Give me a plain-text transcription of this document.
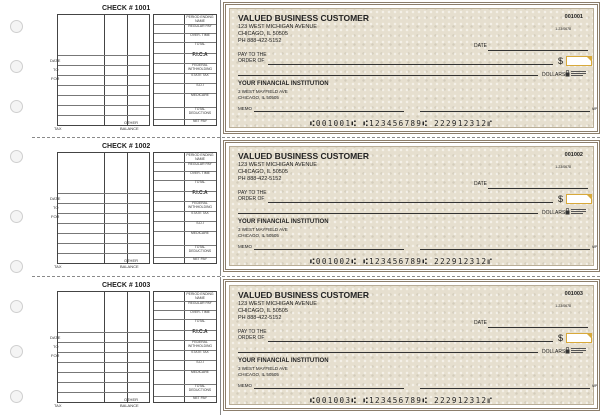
CHECK # 1001
DATE
TO
FOR
TAX
OTHER
BALANCE
PERIOD ENDING NAME
REGULAR PAY
OVER- TIME
TOTAL
F.I.C.A
FEDERAL WITHHOLDING
STATE TAX
S.D.I
MEDICARE
TOTAL DEDUCTIONS
NET PAY
VALUED BUSINESS CUSTOMER
123 WEST MICHIGAN AVENUE
CHICAGO, IL 50505
PH 888-422-5152
001001
1-23/0678
DATE
PAY TO THE
ORDER OF	$
DOLLARS
YOUR FINANCIAL INSTITUTION
3 WEST MAYFIELD AVE
CHICAGO, IL 50505
MEMO	MP
⑆001001⑆ ⑆123456789⑆ 222912312⑈
CHECK # 1002
DATE
TO
FOR
TAX
OTHER
BALANCE
PERIOD ENDING NAME
REGULAR PAY
OVER- TIME
TOTAL
F.I.C.A
FEDERAL WITHHOLDING
STATE TAX
S.D.I
MEDICARE
TOTAL DEDUCTIONS
NET PAY
VALUED BUSINESS CUSTOMER
123 WEST MICHIGAN AVENUE
CHICAGO, IL 50505
PH 888-422-5152
001002
1-23/0678
DATE
PAY TO THE
ORDER OF	$
DOLLARS
YOUR FINANCIAL INSTITUTION
3 WEST MAYFIELD AVE
CHICAGO, IL 50505
MEMO	MP
⑆001002⑆ ⑆123456789⑆ 222912312⑈
CHECK # 1003
DATE
TO
FOR
TAX
OTHER
BALANCE
PERIOD ENDING NAME
REGULAR PAY
OVER- TIME
TOTAL
F.I.C.A
FEDERAL WITHHOLDING
STATE TAX
S.D.I
MEDICARE
TOTAL DEDUCTIONS
NET PAY
VALUED BUSINESS CUSTOMER
123 WEST MICHIGAN AVENUE
CHICAGO, IL 50505
PH 888-422-5152
001003
1-23/0678
DATE
PAY TO THE
ORDER OF	$
DOLLARS
YOUR FINANCIAL INSTITUTION
3 WEST MAYFIELD AVE
CHICAGO, IL 50505
MEMO	MP
⑆001003⑆ ⑆123456789⑆ 222912312⑈
